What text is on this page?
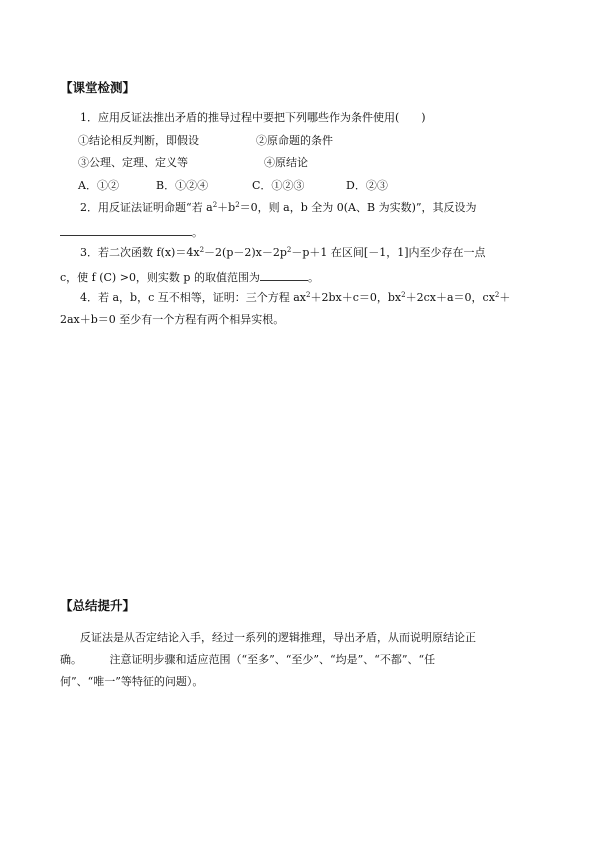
【课堂检测】
1．应用反证法推出矛盾的推导过程中要把下列哪些作为条件使用(　　)
①结论相反判断，即假设	②原命题的条件
③公理、定理、定义等	④原结论
A．①②	B．①②④	C．①②③	D．②③
2．用反证法证明命题“若 $a^2+b^2=0$，则 a，b 全为 0(A、B 为实数)”，其反设为
。
3．若二次函数 $f(x)=4x^2-2(p-2)x-2p^2-p+1$ 在区间[－1，1]内至少存在一点
c，使 f (C) >0，则实数 p 的取值范围为	。
4．若 a，b，c 互不相等，证明：三个方程 $ax^2+2bx+c=0$，$bx^2+2cx+a=0$，$cx^2+$
2ax＋b＝0 至少有一个方程有两个相异实根。
【总结提升】
反证法是从否定结论入手，经过一系列的逻辑推理，导出矛盾，从而说明原结论正
确。　　　注意证明步骤和适应范围（“至多”、“至少”、“均是”、“不都”、“任
何”、“唯一”等特征的问题）。
